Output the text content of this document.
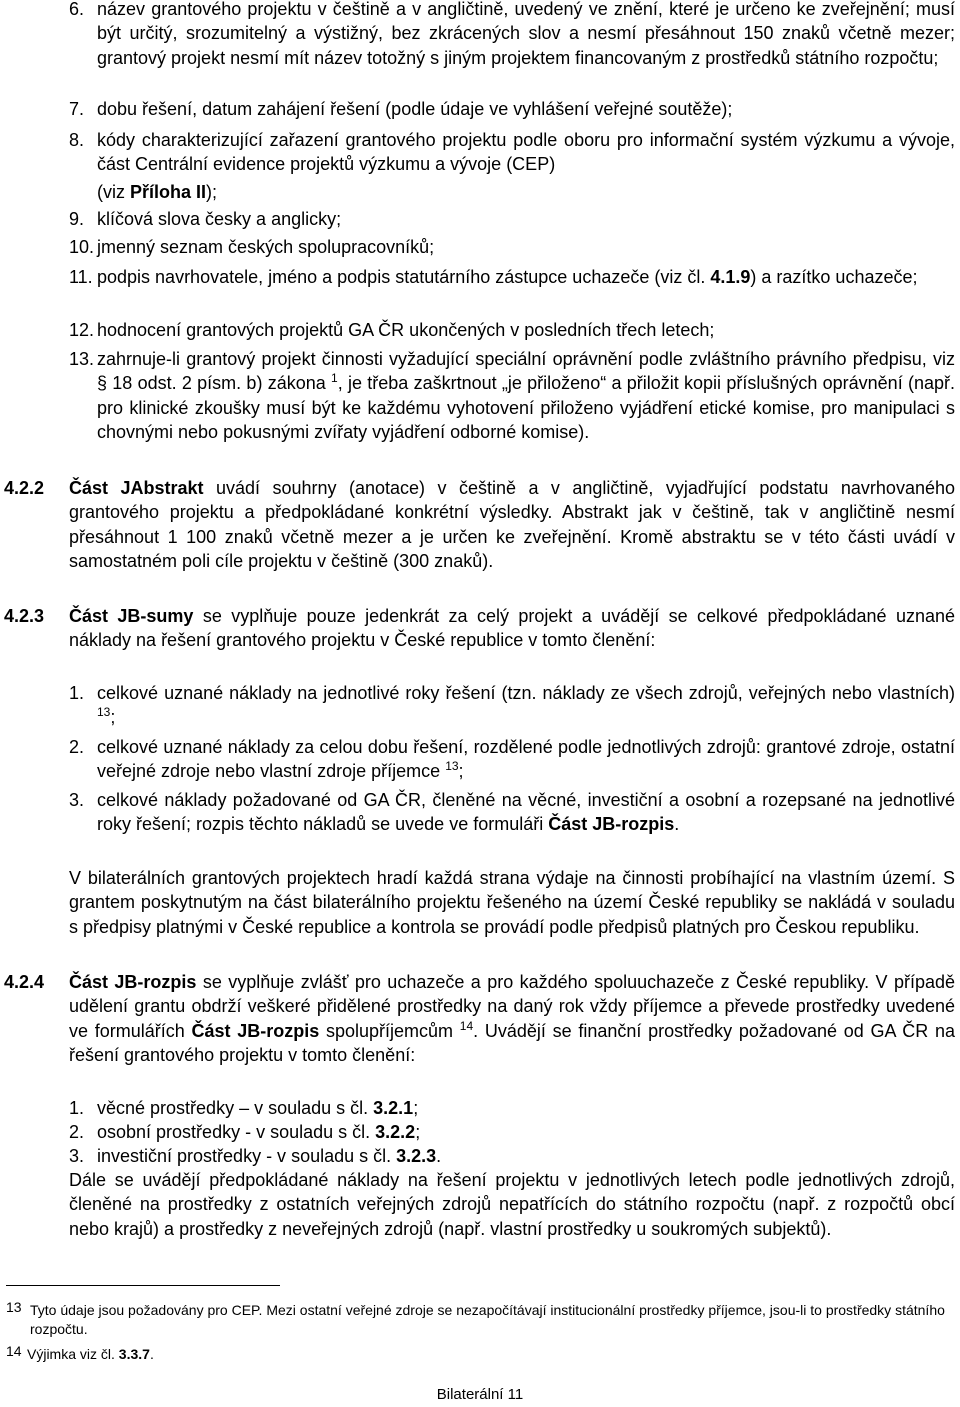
6. název grantového projektu v češtině a v angličtině, uvedený ve znění, které je určeno ke zveřejnění; musí být určitý, srozumitelný a výstižný, bez zkrácených slov a nesmí přesáhnout 150 znaků včetně mezer; grantový projekt nesmí mít název totožný s jiným projektem financovaným z prostředků státního rozpočtu;
7. dobu řešení, datum zahájení řešení (podle údaje ve vyhlášení veřejné soutěže);
8. kódy charakterizující zařazení grantového projektu podle oboru pro informační systém výzkumu a vývoje, část Centrální evidence projektů výzkumu a vývoje (CEP)
(viz Příloha II);
9. klíčová slova česky a anglicky;
10. jmenný seznam českých spolupracovníků;
11. podpis navrhovatele, jméno a podpis statutárního zástupce uchazeče (viz čl. 4.1.9) a razítko uchazeče;
12. hodnocení grantových projektů GA ČR ukončených v posledních třech letech;
13. zahrnuje-li grantový projekt činnosti vyžadující speciální oprávnění podle zvláštního právního předpisu, viz § 18 odst. 2 písm. b) zákona $^1$, je třeba zaškrtnout „je přiloženo“ a přiložit kopii příslušných oprávnění (např. pro klinické zkoušky musí být ke každému vyhotovení přiloženo vyjádření etické komise, pro manipulaci s chovnými nebo pokusnými zvířaty vyjádření odborné komise).
4.2.2 Část JAbstrakt uvádí souhrny (anotace) v češtině a v angličtině, vyjadřující podstatu navrhovaného grantového projektu a předpokládané konkrétní výsledky. Abstrakt jak v češtině, tak v angličtině nesmí přesáhnout 1 100 znaků včetně mezer a je určen ke zveřejnění. Kromě abstraktu se v této části uvádí v samostatném poli cíle projektu v češtině (300 znaků).
4.2.3 Část JB-sumy se vyplňuje pouze jedenkrát za celý projekt a uvádějí se celkové předpokládané uznané náklady na řešení grantového projektu v České republice v tomto členění:
1. celkové uznané náklady na jednotlivé roky řešení (tzn. náklady ze všech zdrojů, veřejných nebo vlastních) $^{13}$;
2. celkové uznané náklady za celou dobu řešení, rozdělené podle jednotlivých zdrojů: grantové zdroje, ostatní veřejné zdroje nebo vlastní zdroje příjemce $^{13}$;
3. celkové náklady požadované od GA ČR, členěné na věcné, investiční a osobní a rozepsané na jednotlivé roky řešení; rozpis těchto nákladů se uvede ve formuláři Část JB-rozpis.
V bilaterálních grantových projektech hradí každá strana výdaje na činnosti probíhající na vlastním území. S grantem poskytnutým na část bilaterálního projektu řešeného na území České republiky se nakládá v souladu s předpisy platnými v České republice a kontrola se provádí podle předpisů platných pro Českou republiku.
4.2.4 Část JB-rozpis se vyplňuje zvlášť pro uchazeče a pro každého spoluuchazeče z České republiky. V případě udělení grantu obdrží veškeré přidělené prostředky na daný rok vždy příjemce a převede prostředky uvedené ve formulářích Část JB-rozpis spolupříjemcům $^{14}$. Uvádějí se finanční prostředky požadované od GA ČR na řešení grantového projektu v tomto členění:
1. věcné prostředky – v souladu s čl. 3.2.1;
2. osobní prostředky - v souladu s čl. 3.2.2;
3. investiční prostředky - v souladu s čl. 3.2.3.
Dále se uvádějí předpokládané náklady na řešení projektu v jednotlivých letech podle jednotlivých zdrojů, členěné na prostředky z ostatních veřejných zdrojů nepatřících do státního rozpočtu (např. z rozpočtů obcí nebo krajů) a prostředky z neveřejných zdrojů (např. vlastní prostředky u soukromých subjektů).
13 Tyto údaje jsou požadovány pro CEP. Mezi ostatní veřejné zdroje se nezapočítávají institucionální prostředky příjemce, jsou-li to prostředky státního rozpočtu.
14 Výjimka viz čl. 3.3.7.
Bilaterální 11
